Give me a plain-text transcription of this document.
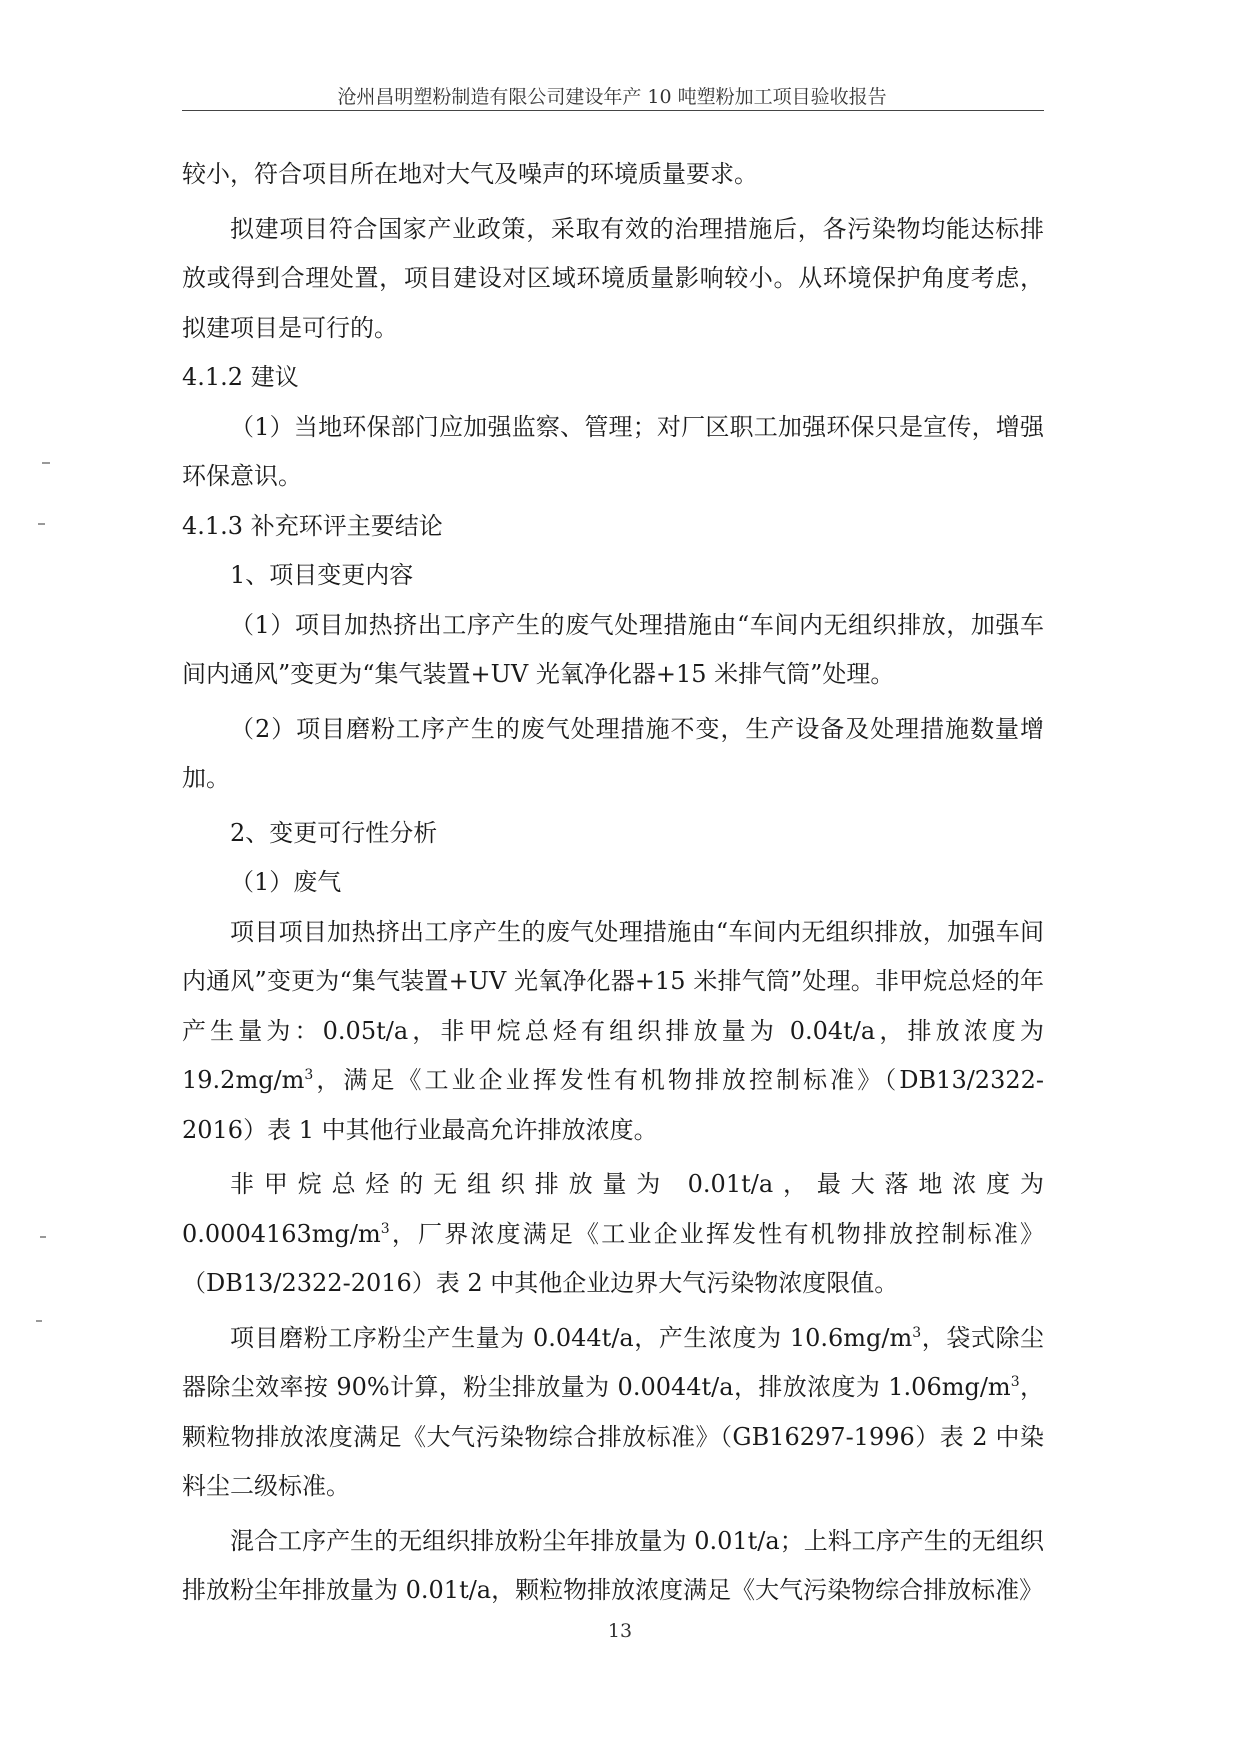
沧州昌明塑粉制造有限公司建设年产 10 吨塑粉加工项目验收报告

较小，符合项目所在地对大气及噪声的环境质量要求。

拟建项目符合国家产业政策，采取有效的治理措施后，各污染物均能达标排放或得到合理处置，项目建设对区域环境质量影响较小。从环境保护角度考虑，拟建项目是可行的。

4.1.2 建议

（1）当地环保部门应加强监察、管理；对厂区职工加强环保只是宣传，增强环保意识。

4.1.3 补充环评主要结论

1、项目变更内容

（1）项目加热挤出工序产生的废气处理措施由“车间内无组织排放，加强车间内通风”变更为“集气装置+UV 光氧净化器+15 米排气筒”处理。

（2）项目磨粉工序产生的废气处理措施不变，生产设备及处理措施数量增加。

2、变更可行性分析

（1）废气

项目项目加热挤出工序产生的废气处理措施由“车间内无组织排放，加强车间内通风”变更为“集气装置+UV 光氧净化器+15 米排气筒”处理。非甲烷总烃的年产生量为：0.05t/a，非甲烷总烃有组织排放量为 0.04t/a，排放浓度为 $19.2mg/m^3$，满足《工业企业挥发性有机物排放控制标准》（DB13/2322-2016）表 1 中其他行业最高允许排放浓度。

非甲烷总烃的无组织排放量为 0.01t/a，最大落地浓度为 $0.0004163mg/m^3$，厂界浓度满足《工业企业挥发性有机物排放控制标准》（DB13/2322-2016）表 2 中其他企业边界大气污染物浓度限值。

项目磨粉工序粉尘产生量为 0.044t/a，产生浓度为 $10.6mg/m^3$，袋式除尘器除尘效率按 90%计算，粉尘排放量为 0.0044t/a，排放浓度为 $1.06mg/m^3$，颗粒物排放浓度满足《大气污染物综合排放标准》（GB16297-1996）表 2 中染料尘二级标准。

混合工序产生的无组织排放粉尘年排放量为 0.01t/a；上料工序产生的无组织排放粉尘年排放量为 0.01t/a，颗粒物排放浓度满足《大气污染物综合排放标准》

13
